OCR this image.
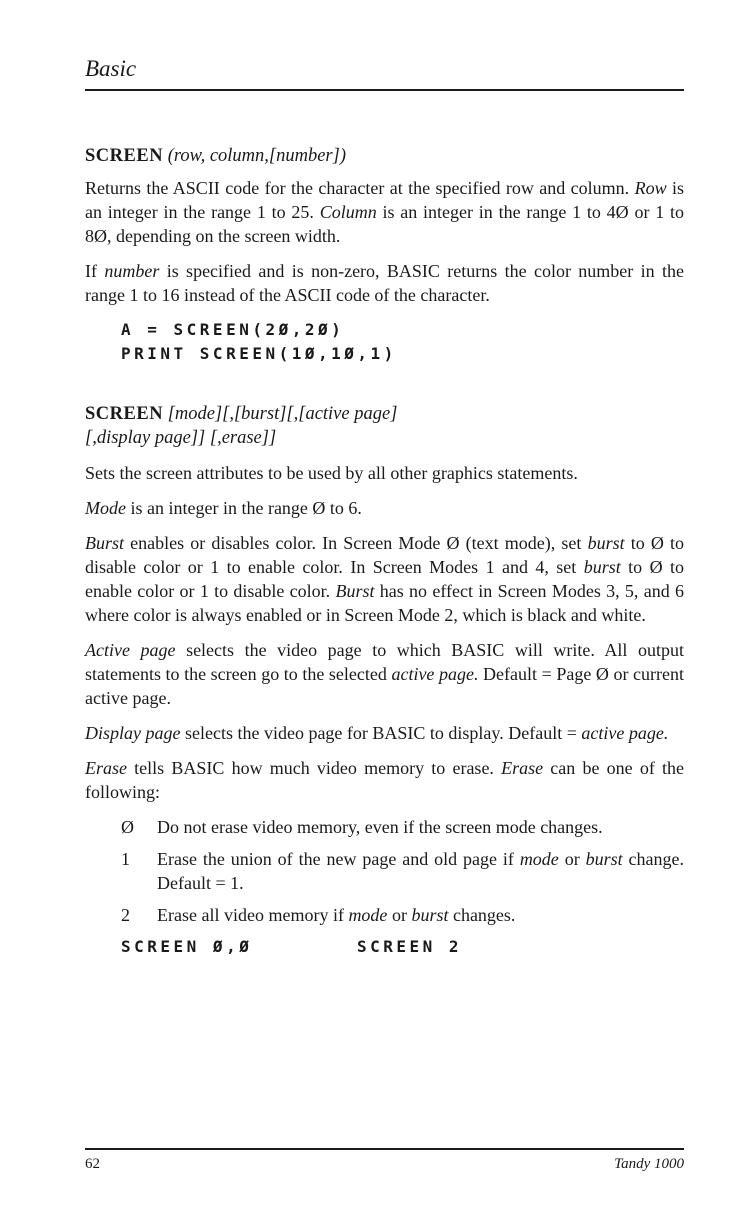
Basic
SCREEN (row, column,[number])

Returns the ASCII code for the character at the specified row and column. Row is an integer in the range 1 to 25. Column is an integer in the range 1 to 4Ø or 1 to 8Ø, depending on the screen width.

If number is specified and is non-zero, BASIC returns the color number in the range 1 to 16 instead of the ASCII code of the character.

A = SCREEN(2Ø,2Ø)
PRINT SCREEN(1Ø,1Ø,1)
SCREEN [mode][,[burst][,[active page]
[,display page]] [,erase]]

Sets the screen attributes to be used by all other graphics statements.

Mode is an integer in the range Ø to 6.

Burst enables or disables color. In Screen Mode Ø (text mode), set burst to Ø to disable color or 1 to enable color. In Screen Modes 1 and 4, set burst to Ø to enable color or 1 to disable color. Burst has no effect in Screen Modes 3, 5, and 6 where color is always enabled or in Screen Mode 2, which is black and white.

Active page selects the video page to which BASIC will write. All output statements to the screen go to the selected active page. Default = Page Ø or current active page.

Display page selects the video page for BASIC to display. Default = active page.

Erase tells BASIC how much video memory to erase. Erase can be one of the following:

Ø	Do not erase video memory, even if the screen mode changes.
1	Erase the union of the new page and old page if mode or burst change. Default = 1.
2	Erase all video memory if mode or burst changes.
SCREEN Ø,Ø	SCREEN 2
62	Tandy 1000
